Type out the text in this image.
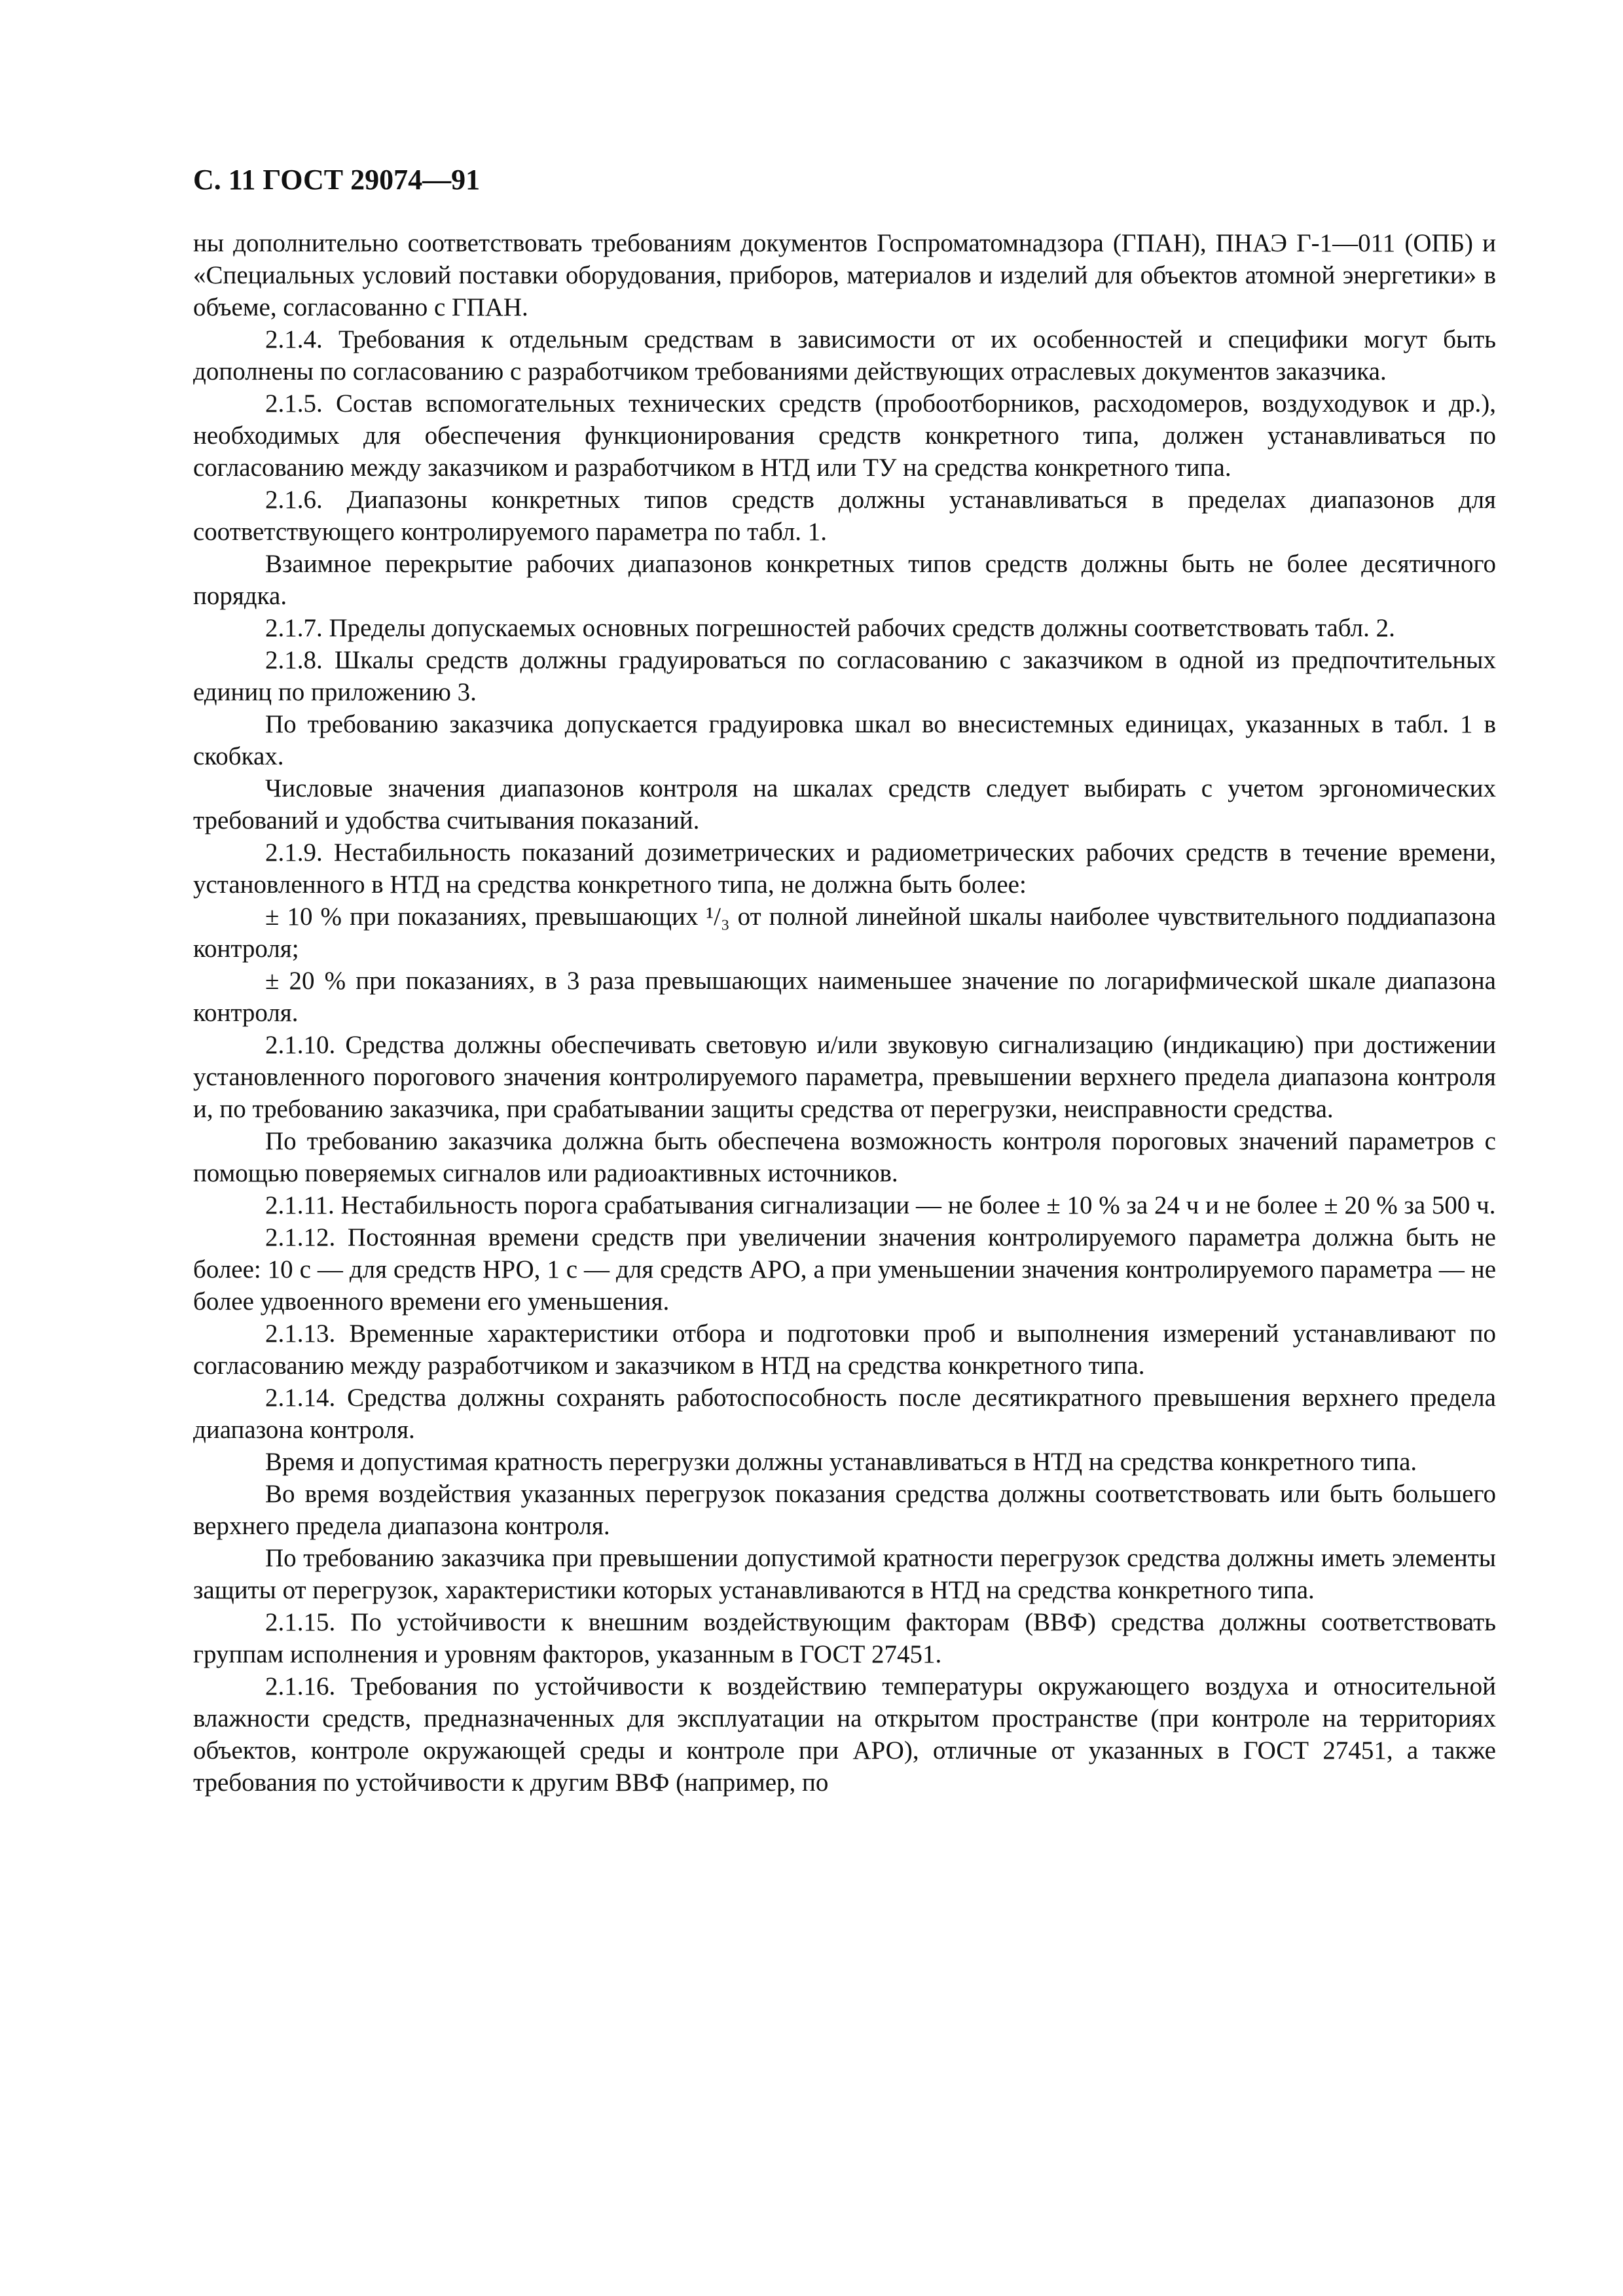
С. 11 ГОСТ 29074—91

ны дополнительно соответствовать требованиям документов Госпроматомнадзора (ГПАН), ПНАЭ Г-1—011 (ОПБ) и «Специальных условий поставки оборудования, приборов, материалов и изделий для объектов атомной энергетики» в объеме, согласованно с ГПАН.

2.1.4. Требования к отдельным средствам в зависимости от их особенностей и специфики могут быть дополнены по согласованию с разработчиком требованиями действующих отраслевых документов заказчика.

2.1.5. Состав вспомогательных технических средств (пробоотборников, расходомеров, воздуходувок и др.), необходимых для обеспечения функционирования средств конкретного типа, должен устанавливаться по согласованию между заказчиком и разработчиком в НТД или ТУ на средства конкретного типа.

2.1.6. Диапазоны конкретных типов средств должны устанавливаться в пределах диапазонов для соответствующего контролируемого параметра по табл. 1.

Взаимное перекрытие рабочих диапазонов конкретных типов средств должны быть не более десятичного порядка.

2.1.7. Пределы допускаемых основных погрешностей рабочих средств должны соответствовать табл. 2.

2.1.8. Шкалы средств должны градуироваться по согласованию с заказчиком в одной из предпочтительных единиц по приложению 3.

По требованию заказчика допускается градуировка шкал во внесистемных единицах, указанных в табл. 1 в скобках.

Числовые значения диапазонов контроля на шкалах средств следует выбирать с учетом эргономических требований и удобства считывания показаний.

2.1.9. Нестабильность показаний дозиметрических и радиометрических рабочих средств в течение времени, установленного в НТД на средства конкретного типа, не должна быть более:

± 10 % при показаниях, превышающих ¹/₃ от полной линейной шкалы наиболее чувствительного поддиапазона контроля;

± 20 % при показаниях, в 3 раза превышающих наименьшее значение по логарифмической шкале диапазона контроля.

2.1.10. Средства должны обеспечивать световую и/или звуковую сигнализацию (индикацию) при достижении установленного порогового значения контролируемого параметра, превышении верхнего предела диапазона контроля и, по требованию заказчика, при срабатывании защиты средства от перегрузки, неисправности средства.

По требованию заказчика должна быть обеспечена возможность контроля пороговых значений параметров с помощью поверяемых сигналов или радиоактивных источников.

2.1.11. Нестабильность порога срабатывания сигнализации — не более ± 10 % за 24 ч и не более ± 20 % за 500 ч.

2.1.12. Постоянная времени средств при увеличении значения контролируемого параметра должна быть не более: 10 с — для средств НРО, 1 с — для средств АРО, а при уменьшении значения контролируемого параметра — не более удвоенного времени его уменьшения.

2.1.13. Временные характеристики отбора и подготовки проб и выполнения измерений устанавливают по согласованию между разработчиком и заказчиком в НТД на средства конкретного типа.

2.1.14. Средства должны сохранять работоспособность после десятикратного превышения верхнего предела диапазона контроля.

Время и допустимая кратность перегрузки должны устанавливаться в НТД на средства конкретного типа.

Во время воздействия указанных перегрузок показания средства должны соответствовать или быть большего верхнего предела диапазона контроля.

По требованию заказчика при превышении допустимой кратности перегрузок средства должны иметь элементы защиты от перегрузок, характеристики которых устанавливаются в НТД на средства конкретного типа.

2.1.15. По устойчивости к внешним воздействующим факторам (ВВФ) средства должны соответствовать группам исполнения и уровням факторов, указанным в ГОСТ 27451.

2.1.16. Требования по устойчивости к воздействию температуры окружающего воздуха и относительной влажности средств, предназначенных для эксплуатации на открытом пространстве (при контроле на территориях объектов, контроле окружающей среды и контроле при АРО), отличные от указанных в ГОСТ 27451, а также требования по устойчивости к другим ВВФ (например, по
